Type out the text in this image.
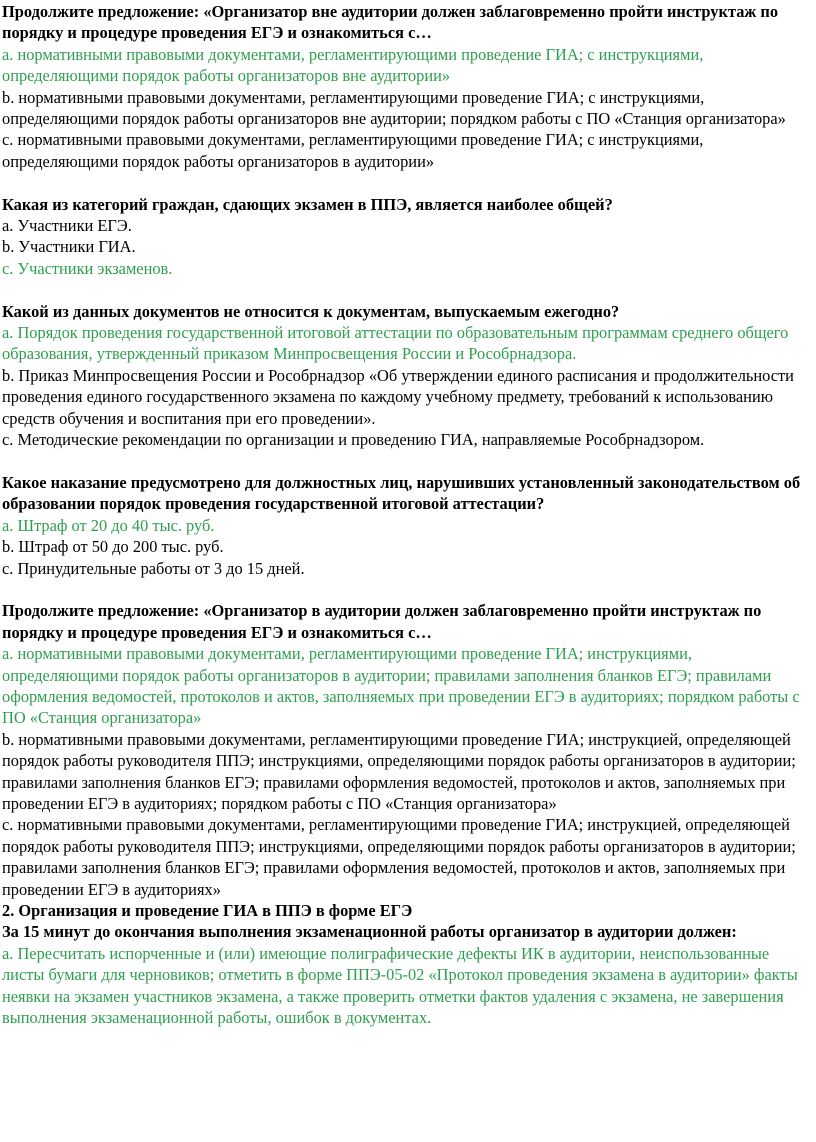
Продолжите предложение: «Организатор вне аудитории должен заблаговременно пройти инструктаж по порядку и процедуре проведения ЕГЭ и ознакомиться с…

a. нормативными правовыми документами, регламентирующими проведение ГИА; с инструкциями, определяющими порядок работы организаторов вне аудитории»

b. нормативными правовыми документами, регламентирующими проведение ГИА; с инструкциями, определяющими порядок работы организаторов вне аудитории; порядком работы с ПО «Станция организатора»

c. нормативными правовыми документами, регламентирующими проведение ГИА; с инструкциями, определяющими порядок работы организаторов в аудитории»

Какая из категорий граждан, сдающих экзамен в ППЭ, является наиболее общей?

a. Участники ЕГЭ.

b. Участники ГИА.

c. Участники экзаменов.

Какой из данных документов не относится к документам, выпускаемым ежегодно?

a. Порядок проведения государственной итоговой аттестации по образовательным программам среднего общего образования, утвержденный приказом Минпросвещения России и Рособрнадзора.

b. Приказ Минпросвещения России и Рособрнадзор «Об утверждении единого расписания и продолжительности проведения единого государственного экзамена по каждому учебному предмету, требований к использованию средств обучения и воспитания при его проведении».

c. Методические рекомендации по организации и проведению ГИА, направляемые Рособрнадзором.

Какое наказание предусмотрено для должностных лиц, нарушивших установленный законодательством об образовании порядок проведения государственной итоговой аттестации?

a. Штраф от 20 до 40 тыс. руб.

b. Штраф от 50 до 200 тыс. руб.

c. Принудительные работы от 3 до 15 дней.

Продолжите предложение: «Организатор в аудитории должен заблаговременно пройти инструктаж по порядку и процедуре проведения ЕГЭ и ознакомиться с…

a. нормативными правовыми документами, регламентирующими проведение ГИА; инструкциями, определяющими порядок работы организаторов в аудитории; правилами заполнения бланков ЕГЭ; правилами оформления ведомостей, протоколов и актов, заполняемых при проведении ЕГЭ в аудиториях; порядком работы с ПО «Станция организатора»

b. нормативными правовыми документами, регламентирующими проведение ГИА; инструкцией, определяющей порядок работы руководителя ППЭ; инструкциями, определяющими порядок работы организаторов в аудитории; правилами заполнения бланков ЕГЭ; правилами оформления ведомостей, протоколов и актов, заполняемых при проведении ЕГЭ в аудиториях; порядком работы с ПО «Станция организатора»

c. нормативными правовыми документами, регламентирующими проведение ГИА; инструкцией, определяющей порядок работы руководителя ППЭ; инструкциями, определяющими порядок работы организаторов в аудитории; правилами заполнения бланков ЕГЭ; правилами оформления ведомостей, протоколов и актов, заполняемых при проведении ЕГЭ в аудиториях»

2. Организация и проведение ГИА в ППЭ в форме ЕГЭ

За 15 минут до окончания выполнения экзаменационной работы организатор в аудитории должен:

a. Пересчитать испорченные и (или) имеющие полиграфические дефекты ИК в аудитории, неиспользованные листы бумаги для черновиков; отметить в форме ППЭ-05-02 «Протокол проведения экзамена в аудитории» факты неявки на экзамен участников экзамена, а также проверить отметки фактов удаления с экзамена, не завершения выполнения экзаменационной работы, ошибок в документах.
